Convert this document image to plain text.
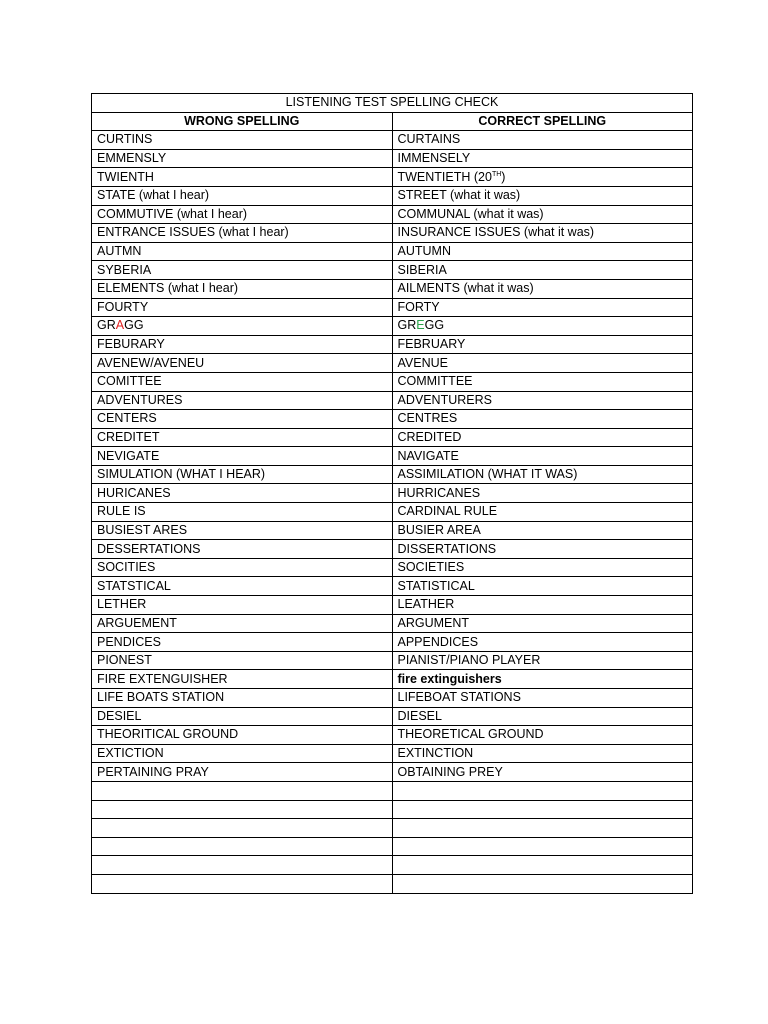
LISTENING TEST SPELLING CHECK	
WRONG SPELLING	CORRECT SPELLING
CURTINS	CURTAINS
EMMENSLY	IMMENSELY
TWIENTH	TWENTIETH (20TH)
STATE (what I hear)	STREET (what it was)
COMMUTIVE (what I hear)	COMMUNAL (what it was)
ENTRANCE ISSUES (what I hear)	INSURANCE ISSUES (what it was)
AUTMN	AUTUMN
SYBERIA	SIBERIA
ELEMENTS (what I hear)	AILMENTS (what it was)
FOURTY	FORTY
GRAGG	GREGG
FEBURARY	FEBRUARY
AVENEW/AVENEU	AVENUE
COMITTEE	COMMITTEE
ADVENTURES	ADVENTURERS
CENTERS	CENTRES
CREDITET	CREDITED
NEVIGATE	NAVIGATE
SIMULATION (WHAT I HEAR)	ASSIMILATION (WHAT IT WAS)
HURICANES	HURRICANES
RULE IS	CARDINAL RULE
BUSIEST ARES	BUSIER AREA
DESSERTATIONS	DISSERTATIONS
SOCITIES	SOCIETIES
STATSTICAL	STATISTICAL
LETHER	LEATHER
ARGUEMENT	ARGUMENT
PENDICES	APPENDICES
PIONEST	PIANIST/PIANO PLAYER
FIRE EXTENGUISHER	fire extinguishers
LIFE BOATS STATION	LIFEBOAT STATIONS
DESIEL	DIESEL
THEORITICAL GROUND	THEORETICAL GROUND
EXTICTION	EXTINCTION
PERTAINING PRAY	OBTAINING PREY
